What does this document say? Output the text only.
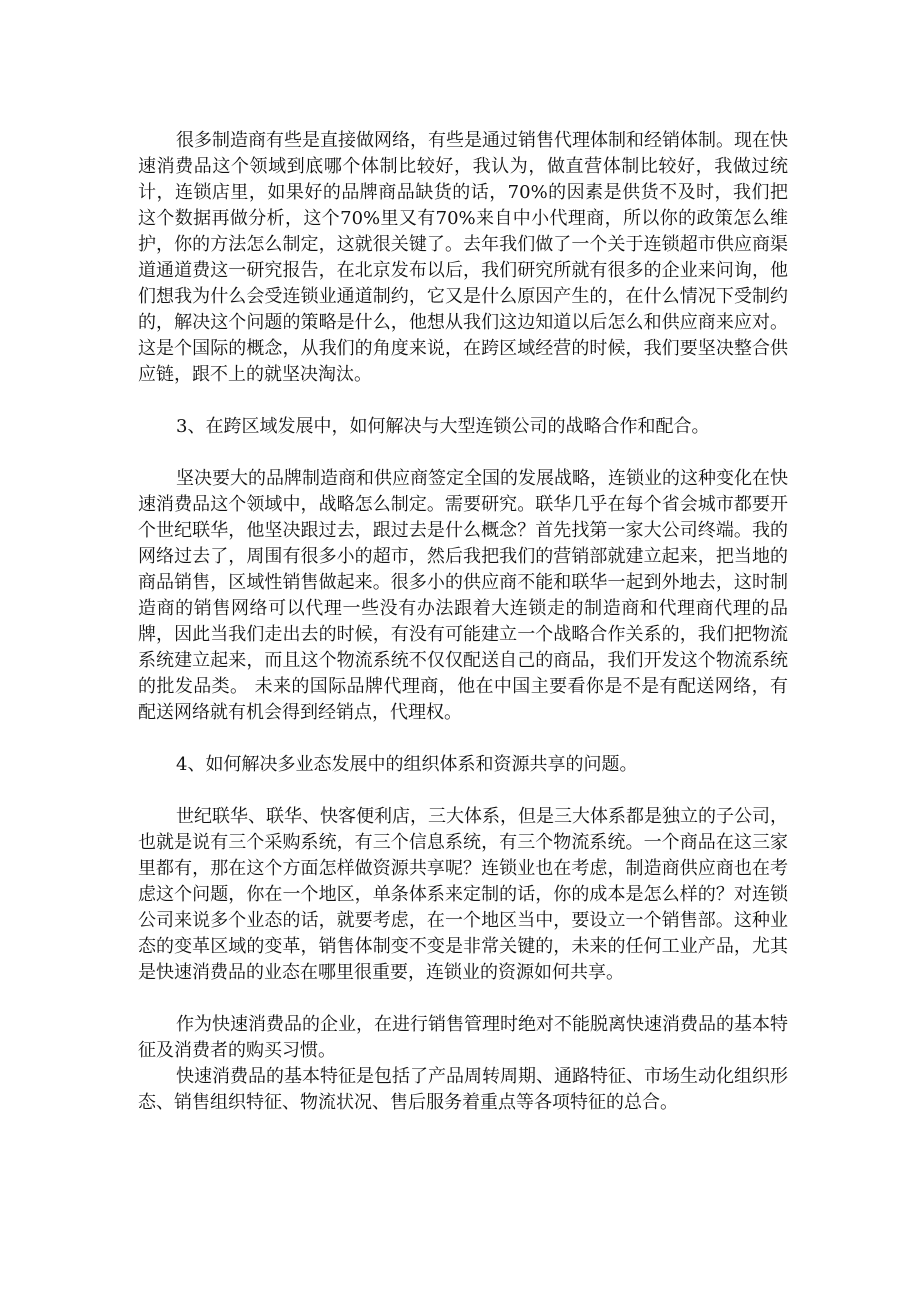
很多制造商有些是直接做网络，有些是通过销售代理体制和经销体制。现在快速消费品这个领域到底哪个体制比较好，我认为，做直营体制比较好，我做过统计，连锁店里，如果好的品牌商品缺货的话，70%的因素是供货不及时，我们把这个数据再做分析，这个70%里又有70%来自中小代理商，所以你的政策怎么维护，你的方法怎么制定，这就很关键了。去年我们做了一个关于连锁超市供应商渠道通道费这一研究报告，在北京发布以后，我们研究所就有很多的企业来问询，他们想我为什么会受连锁业通道制约，它又是什么原因产生的，在什么情况下受制约的，解决这个问题的策略是什么，他想从我们这边知道以后怎么和供应商来应对。这是个国际的概念，从我们的角度来说，在跨区域经营的时候，我们要坚决整合供应链，跟不上的就坚决淘汰。

3、在跨区域发展中，如何解决与大型连锁公司的战略合作和配合。

坚决要大的品牌制造商和供应商签定全国的发展战略，连锁业的这种变化在快速消费品这个领域中，战略怎么制定。需要研究。联华几乎在每个省会城市都要开个世纪联华，他坚决跟过去，跟过去是什么概念？首先找第一家大公司终端。我的网络过去了，周围有很多小的超市，然后我把我们的营销部就建立起来，把当地的商品销售，区域性销售做起来。很多小的供应商不能和联华一起到外地去，这时制造商的销售网络可以代理一些没有办法跟着大连锁走的制造商和代理商代理的品牌，因此当我们走出去的时候，有没有可能建立一个战略合作关系的，我们把物流系统建立起来，而且这个物流系统不仅仅配送自己的商品，我们开发这个物流系统的批发品类。 未来的国际品牌代理商，他在中国主要看你是不是有配送网络，有配送网络就有机会得到经销点，代理权。

4、如何解决多业态发展中的组织体系和资源共享的问题。

世纪联华、联华、快客便利店，三大体系，但是三大体系都是独立的子公司，也就是说有三个采购系统，有三个信息系统，有三个物流系统。一个商品在这三家里都有，那在这个方面怎样做资源共享呢？连锁业也在考虑，制造商供应商也在考虑这个问题，你在一个地区，单条体系来定制的话，你的成本是怎么样的？对连锁公司来说多个业态的话，就要考虑，在一个地区当中，要设立一个销售部。这种业态的变革区域的变革，销售体制变不变是非常关键的，未来的任何工业产品，尤其是快速消费品的业态在哪里很重要，连锁业的资源如何共享。

作为快速消费品的企业，在进行销售管理时绝对不能脱离快速消费品的基本特征及消费者的购买习惯。

快速消费品的基本特征是包括了产品周转周期、通路特征、市场生动化组织形态、销售组织特征、物流状况、售后服务着重点等各项特征的总合。
